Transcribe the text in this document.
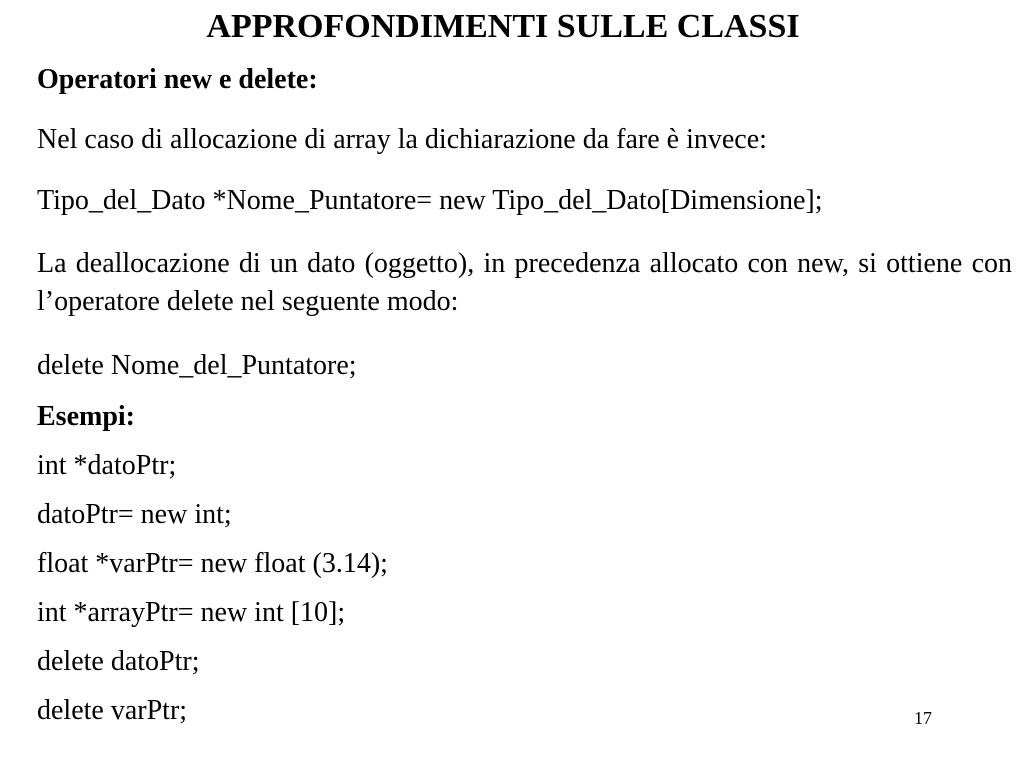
APPROFONDIMENTI SULLE CLASSI
Operatori new e delete:
Nel caso di allocazione di array la dichiarazione da fare è invece:
Tipo_del_Dato *Nome_Puntatore= new Tipo_del_Dato[Dimensione];
La deallocazione di un dato (oggetto), in precedenza allocato con new, si ottiene con l’operatore delete nel seguente modo:
delete Nome_del_Puntatore;
Esempi:
int *datoPtr;
datoPtr= new int;
float *varPtr= new float (3.14);
int *arrayPtr= new int [10];
delete datoPtr;
delete varPtr;	17
